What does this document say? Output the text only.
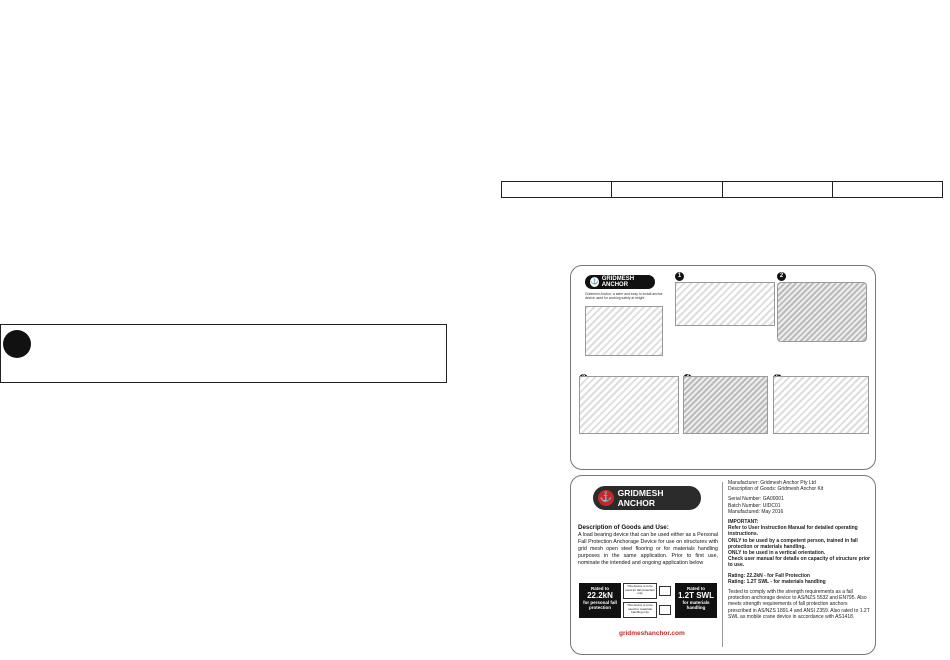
⚓ GRIDMESH ANCHOR
Gridmesh Anchor, a safer and easy to install anchor device used for working safely at height
1	2
⚓ GRIDMESH ANCHOR
Description of Goods and Use:
A load bearing device that can be used either as a Personal Fall Protection Anchorage Device for use on structures with grid mesh open steel flooring or for materials handling purposes in the same application. Prior to first use, nominate the intended and ongoing application below
Rated to
22.2kN
for personal fall protection
This device is to be used for fall protection only
This device is to be used for materials handling only
Rated to
1.2T SWL
for materials handling
gridmeshanchor.com
Manufacturer: Gridmesh Anchor Pty Ltd
Description of Goods: Gridmesh Anchor Kit
Serial Number: GA00001
Batch Number: UIDC01
Manufactured: May 2016
IMPORTANT:
Refer to User Instruction Manual for detailed operating instructions.
ONLY to be used by a competent person, trained in fall protection or materials handling.
ONLY to be used in a vertical orientation.
Check user manual for details on capacity of structure prior to use.
Rating: 22.2kN - for Fall Protection
Rating: 1.2T SWL - for materials handling
Tested to comply with the strength requirements as a fall protection anchorage device to AS/NZS 5532 and EN795. Also meets strength requirements of fall protection anchors prescribed in AS/NZS 1891.4 and ANSI Z359. Also rated to 1.2T SWL as mobile crane device in accordance with AS1418.
